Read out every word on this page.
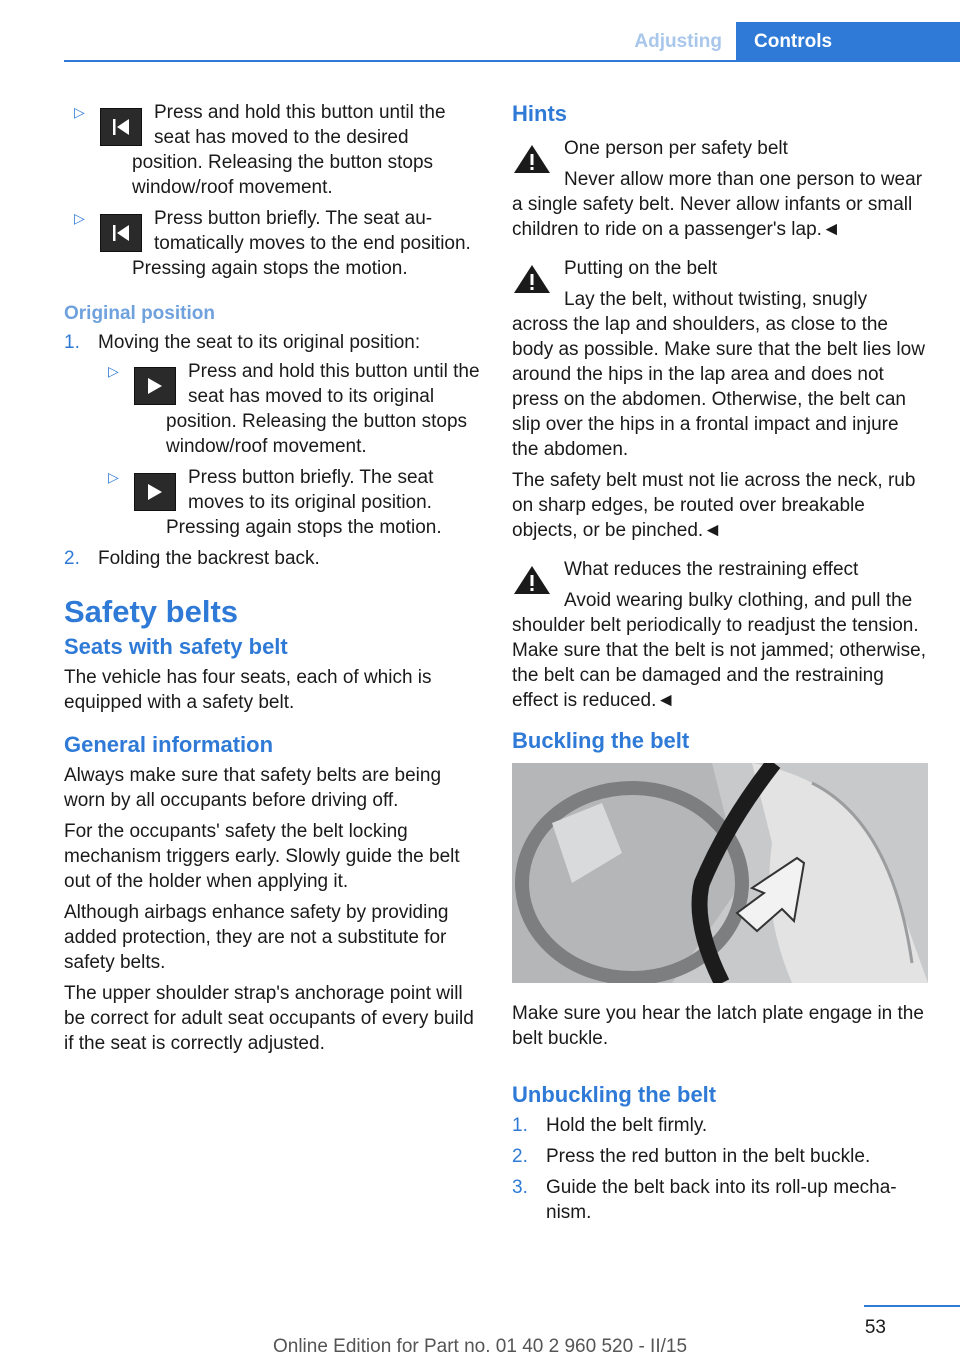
Adjusting	Controls
▷	Press and hold this button until the seat has moved to the desired position. Releasing the button stops window/roof movement.
▷	Press button briefly. The seat automatically moves to the end position. Pressing again stops the motion.
Original position
1. Moving the seat to its original position:
▷	Press and hold this button until the seat has moved to its original position. Releasing the button stops window/roof movement.
▷	Press button briefly. The seat moves to its original position. Pressing again stops the motion.
2. Folding the backrest back.
Safety belts
Seats with safety belt

The vehicle has four seats, each of which is equipped with a safety belt.

General information

Always make sure that safety belts are being worn by all occupants before driving off.

For the occupants' safety the belt locking mechanism triggers early. Slowly guide the belt out of the holder when applying it.

Although airbags enhance safety by providing added protection, they are not a substitute for safety belts.

The upper shoulder strap's anchorage point will be correct for adult seat occupants of every build if the seat is correctly adjusted.

Hints

One person per safety belt

Never allow more than one person to wear a single safety belt. Never allow infants or small children to ride on a passenger's lap.◄

Putting on the belt

Lay the belt, without twisting, snugly across the lap and shoulders, as close to the body as possible. Make sure that the belt lies low around the hips in the lap area and does not press on the abdomen. Otherwise, the belt can slip over the hips in a frontal impact and injure the abdomen.

The safety belt must not lie across the neck, rub on sharp edges, be routed over breakable objects, or be pinched.◄

What reduces the restraining effect

Avoid wearing bulky clothing, and pull the shoulder belt periodically to readjust the tension. Make sure that the belt is not jammed; otherwise, the belt can be damaged and the restraining effect is reduced.◄

Buckling the belt

Make sure you hear the latch plate engage in the belt buckle.

Unbuckling the belt
1. Hold the belt firmly.
2. Press the red button in the belt buckle.
3. Guide the belt back into its roll-up mechanism.
53
Online Edition for Part no. 01 40 2 960 520 - II/15
